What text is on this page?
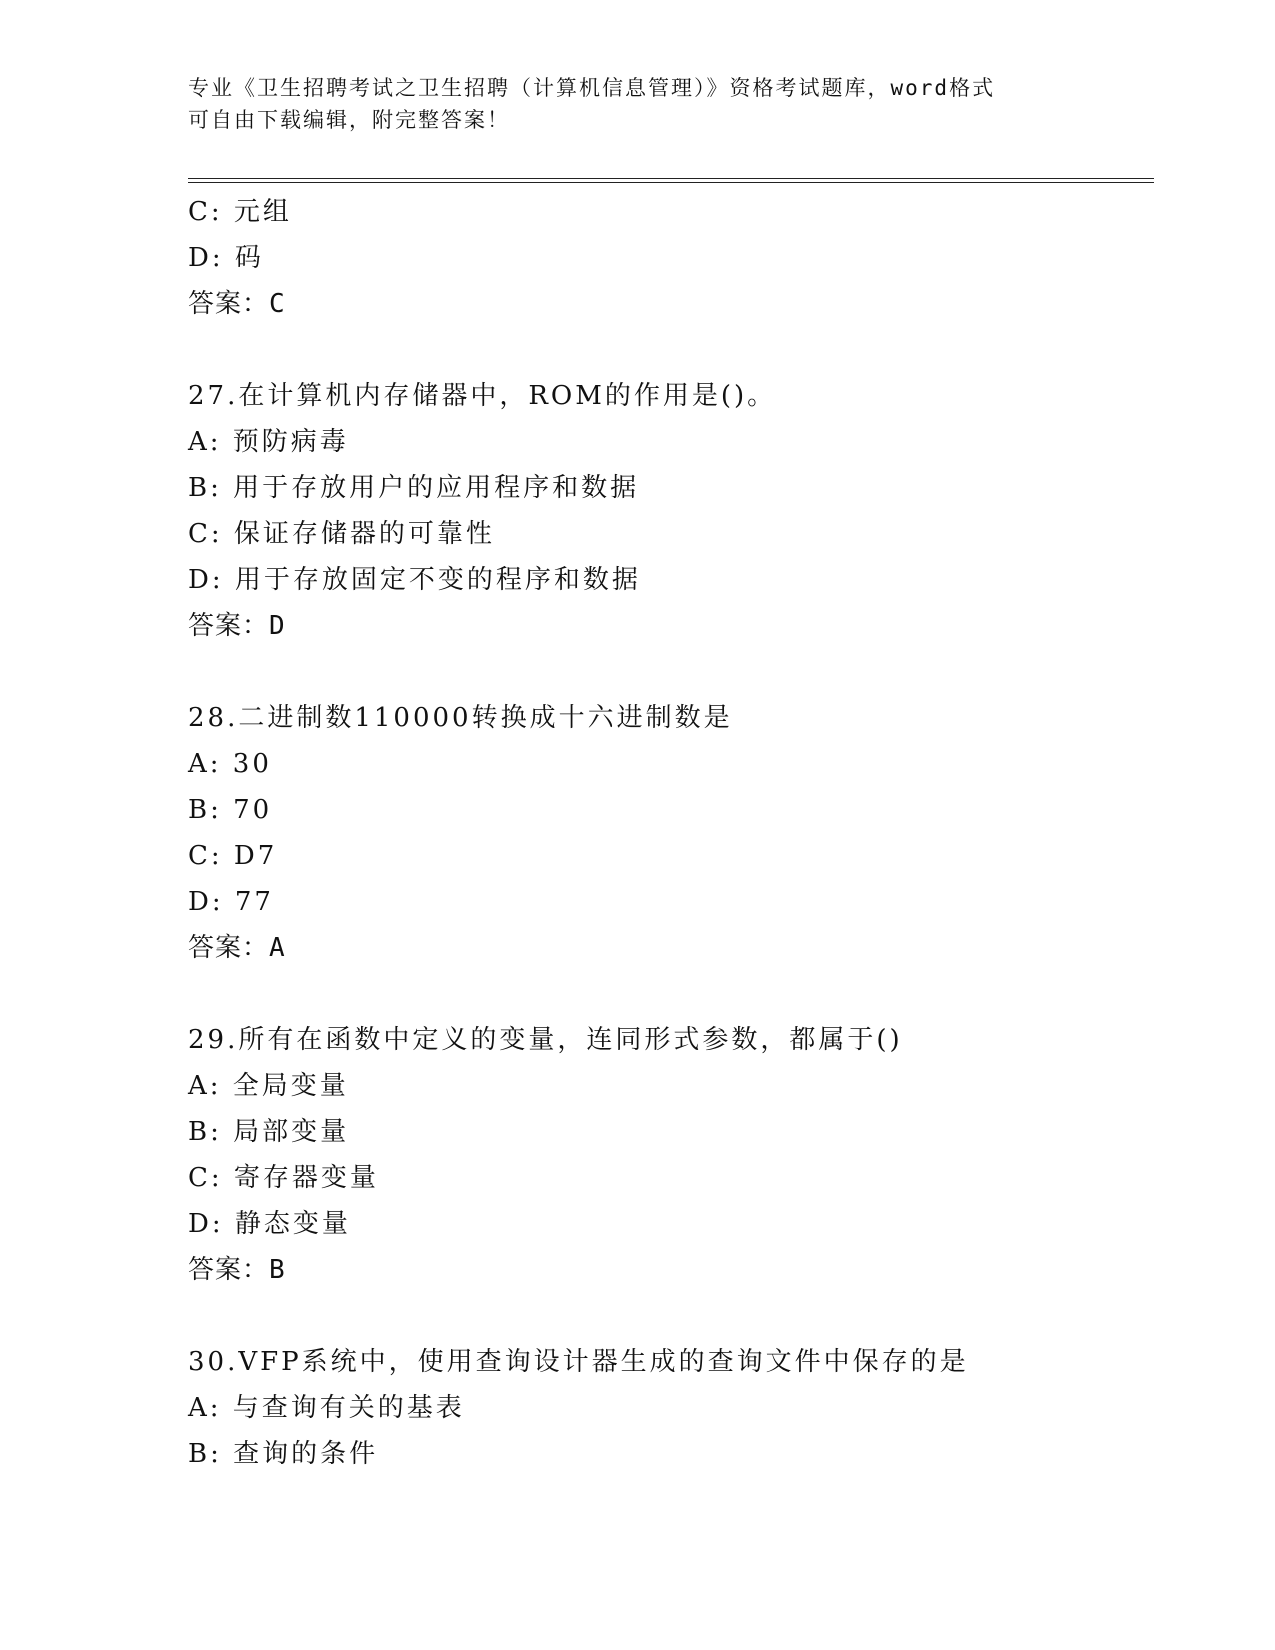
专业《卫生招聘考试之卫生招聘（计算机信息管理）》资格考试题库，word格式
可自由下载编辑，附完整答案！
C: 元组
D: 码
答案：C
27.在计算机内存储器中，ROM的作用是()。
A: 预防病毒
B: 用于存放用户的应用程序和数据
C: 保证存储器的可靠性
D: 用于存放固定不变的程序和数据
答案：D
28.二进制数110000转换成十六进制数是
A: 30
B: 70
C: D7
D: 77
答案：A
29.所有在函数中定义的变量，连同形式参数，都属于()
A: 全局变量
B: 局部变量
C: 寄存器变量
D: 静态变量
答案：B
30.VFP系统中，使用查询设计器生成的查询文件中保存的是
A: 与查询有关的基表
B: 查询的条件
